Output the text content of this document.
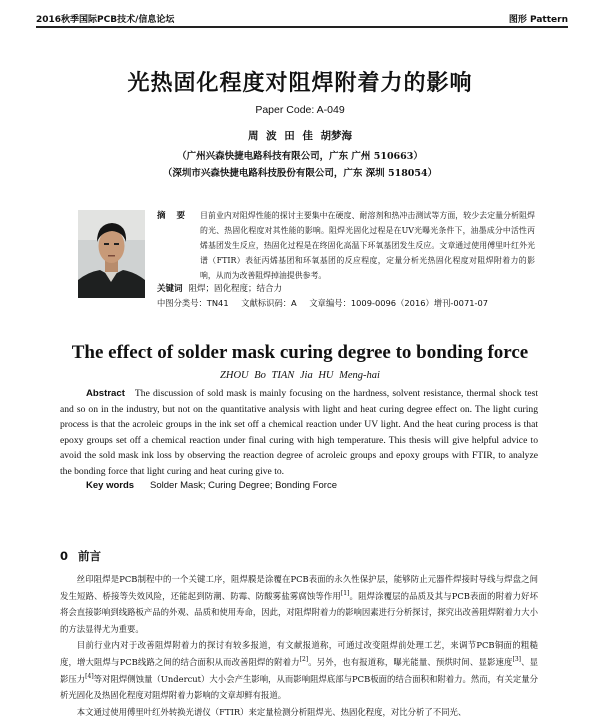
2016秋季国际PCB技术/信息论坛	图形 Pattern
光热固化程度对阻焊附着力的影响
Paper Code: A-049
周 波 田 佳 胡梦海
（广州兴森快捷电路科技有限公司，广东 广州 510663）
（深圳市兴森快捷电路科技股份有限公司，广东 深圳 518054）
摘 要 目前业内对阻焊性能的探讨主要集中在硬度、耐溶剂和热冲击测试等方面，较少去定量分析阻焊的光、热固化程度对其性能的影响。阻焊光固化过程是在UV光曝光条件下，油墨成分中活性丙烯基团发生反应，热固化过程是在终固化高温下环氧基团发生反应。文章通过使用傅里叶红外光谱（FTIR）表征丙烯基团和环氧基团的反应程度，定量分析光热固化程度对阻焊附着力的影响，从而为改善阻焊掉油提供参考。
关键词 阻焊；固化程度；结合力
中图分类号：TN41 文献标识码：A 文章编号：1009-0096（2016）增刊-0071-07
The effect of solder mask curing degree to bonding force
ZHOU Bo TIAN Jia HU Meng-hai
Abstract The discussion of sold mask is mainly focusing on the hardness, solvent resistance, thermal shock test and so on in the industry, but not on the quantitative analysis with light and heat curing degree effect on. The light curing process is that the acroleic groups in the ink set off a chemical reaction under UV light. And the heat curing process is that epoxy groups set off a chemical reaction under final curing with high temperature. This thesis will give helpful advice to avoid the sold mask ink loss by observing the reaction degree of acroleic groups and epoxy groups with FTIR, to analyze the bonding force that light curing and heat curing give to.
Key words Solder Mask; Curing Degree; Bonding Force
0 前言

丝印阻焊是PCB制程中的一个关键工序，阻焊膜是涂覆在PCB表面的永久性保护层，能够防止元器件焊接时导线与焊盘之间发生短路、桥接等失效风险，还能起到防潮、防霉、防酸雾盐雾腐蚀等作用[1]。阻焊涂覆层的品质及其与PCB表面的附着力好坏将会直接影响到线路板产品的外观、品质和使用寿命，因此，对阻焊附着力的影响因素进行分析探讨，探究出改善阻焊附着力大小的方法显得尤为重要。

目前行业内对于改善阻焊附着力的探讨有较多报道，有文献报道称，可通过改变阻焊前处理工艺，来调节PCB铜面的粗糙度，增大阻焊与PCB线路之间的结合面积从而改善阻焊的附着力[2]。另外，也有报道称，曝光能量、预烘时间、显影速度[3]、显影压力[4]等对阻焊侧蚀量（Undercut）大小会产生影响，从而影响阻焊底部与PCB板面的结合面积和附着力。然而，有关定量分析光固化及热固化程度对阻焊附着力影响的文章却鲜有报道。

本文通过使用傅里叶红外转换光谱仪（FTIR）来定量检测分析阻焊光、热固化程度，对比分析了不同光、
